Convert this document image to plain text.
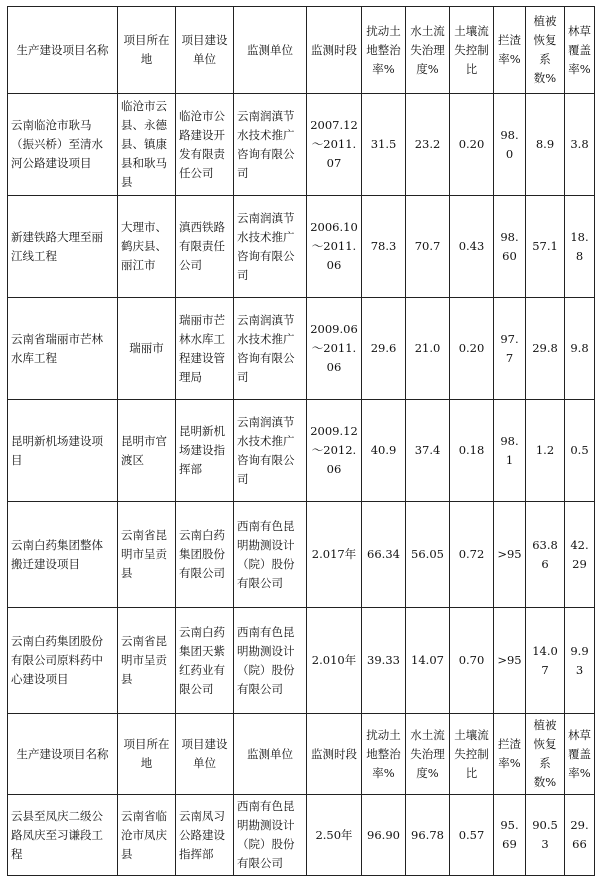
生产建设项目名称	项目所在地	项目建设单位	监测单位	监测时段	扰动土地整治率%	水土流失治理度%	土壤流失控制比	拦渣率%	植被恢复系数%	林草覆盖率%
云南临沧市耿马（振兴桥）至清水河公路建设项目	临沧市云县、永德县、镇康县和耿马县	临沧市公路建设开发有限责任公司	云南润滇节水技术推广咨询有限公司	2007.12～2011.07	31.5	23.2	0.20	98.0	8.9	3.8
新建铁路大理至丽江线工程	大理市、鹤庆县、丽江市	滇西铁路有限责任公司	云南润滇节水技术推广咨询有限公司	2006.10～2011.06	78.3	70.7	0.43	98.60	57.1	18.8
云南省瑞丽市芒林水库工程	瑞丽市	瑞丽市芒林水库工程建设管理局	云南润滇节水技术推广咨询有限公司	2009.06～2011.06	29.6	21.0	0.20	97.7	29.8	9.8
昆明新机场建设项目	昆明市官渡区	昆明新机场建设指挥部	云南润滇节水技术推广咨询有限公司	2009.12～2012.06	40.9	37.4	0.18	98.1	1.2	0.5
云南白药集团整体搬迁建设项目	云南省昆明市呈贡县	云南白药集团股份有限公司	西南有色昆明勘测设计（院）股份有限公司	2.017年	66.34	56.05	0.72	>95	63.86	42.29
云南白药集团股份有限公司原料药中心建设项目	云南省昆明市呈贡县	云南白药集团天紫红药业有限公司	西南有色昆明勘测设计（院）股份有限公司	2.010年	39.33	14.07	0.70	>95	14.07	9.93
生产建设项目名称	项目所在地	项目建设单位	监测单位	监测时段	扰动土地整治率%	水土流失治理度%	土壤流失控制比	拦渣率%	植被恢复系数%	林草覆盖率%
云县至凤庆二级公路凤庆至习谦段工程	云南省临沧市凤庆县	云南凤习公路建设指挥部	西南有色昆明勘测设计（院）股份有限公司	2.50年	96.90	96.78	0.57	95.69	90.53	29.66
